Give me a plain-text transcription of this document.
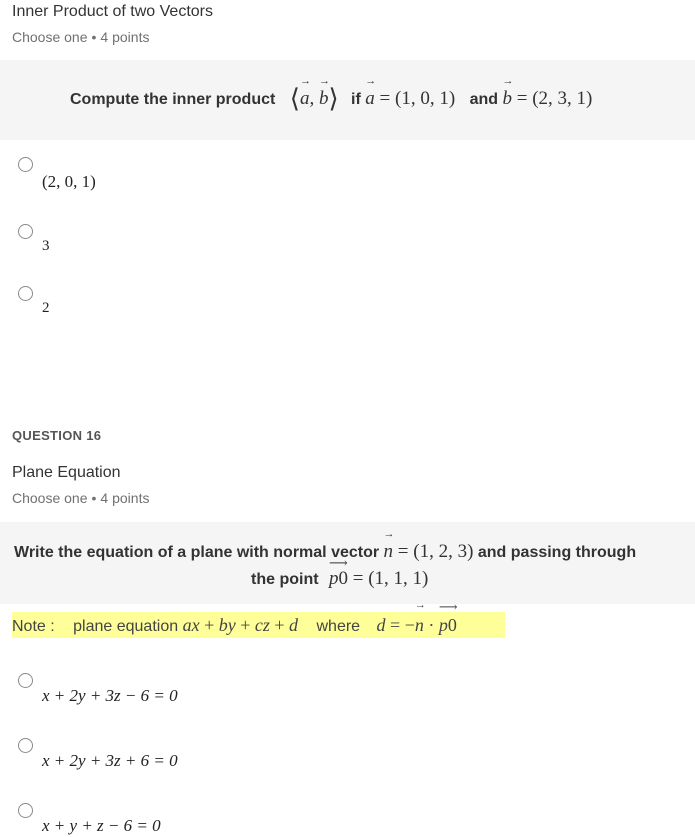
Inner Product of two Vectors
Choose one • 4 points
Compute the inner product ⟨→ a, → b⟩ if → a = (1, 0, 1) and → b = (2, 3, 1)
(2, 0, 1)
3
2
QUESTION 16
Plane Equation
Choose one • 4 points
Write the equation of a plane with normal vector → n = (1, 2, 3) and passing through
the point ⟶ p0 = (1, 1, 1)
Note : plane equation ax + by + cz + d where d = −→ n · ⟶ p0
x + 2y + 3z − 6 = 0
x + 2y + 3z + 6 = 0
x + y + z − 6 = 0
